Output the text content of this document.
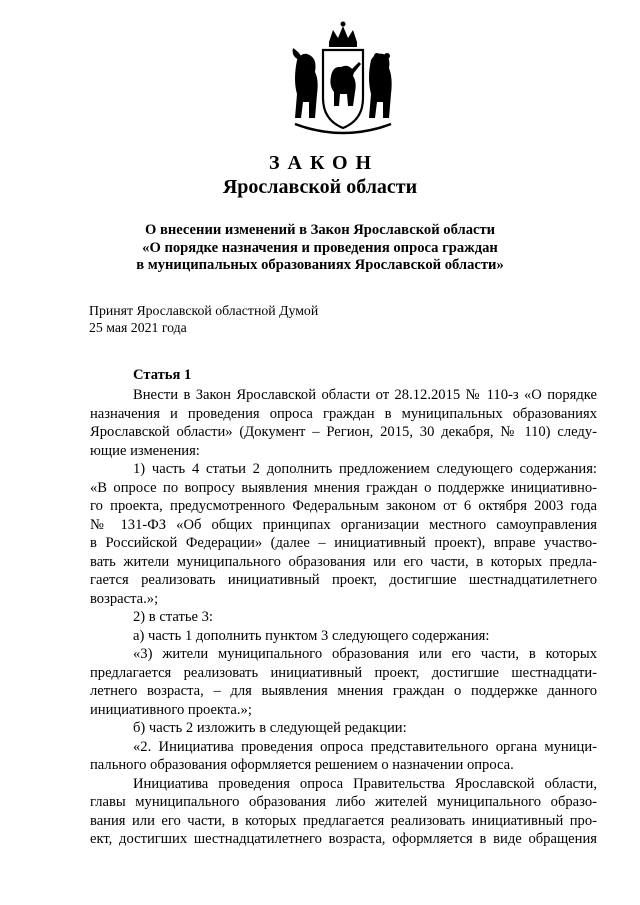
ЗАКОН
Ярославской области
О внесении изменений в Закон Ярославской области
«О порядке назначения и проведения опроса граждан
в муниципальных образованиях Ярославской области»
Принят Ярославской областной Думой
25 мая 2021 года
Статья 1
Внести в Закон Ярославской области от 28.12.2015 № 110-з «О порядке
назначения и проведения опроса граждан в муниципальных образованиях
Ярославской области» (Документ – Регион, 2015, 30 декабря, № 110) следу-
ющие изменения:
1) часть 4 статьи 2 дополнить предложением следующего содержания:
«В опросе по вопросу выявления мнения граждан о поддержке инициативно-
го проекта, предусмотренного Федеральным законом от 6 октября 2003 года
№ 131-ФЗ «Об общих принципах организации местного самоуправления
в Российской Федерации» (далее – инициативный проект), вправе участво-
вать жители муниципального образования или его части, в которых предла-
гается реализовать инициативный проект, достигшие шестнадцатилетнего
возраста.»;
2) в статье 3:
а) часть 1 дополнить пунктом 3 следующего содержания:
«3) жители муниципального образования или его части, в которых
предлагается реализовать инициативный проект, достигшие шестнадцати-
летнего возраста, – для выявления мнения граждан о поддержке данного
инициативного проекта.»;
б) часть 2 изложить в следующей редакции:
«2. Инициатива проведения опроса представительного органа муници-
пального образования оформляется решением о назначении опроса.
Инициатива проведения опроса Правительства Ярославской области,
главы муниципального образования либо жителей муниципального образо-
вания или его части, в которых предлагается реализовать инициативный про-
ект, достигших шестнадцатилетнего возраста, оформляется в виде обращения
